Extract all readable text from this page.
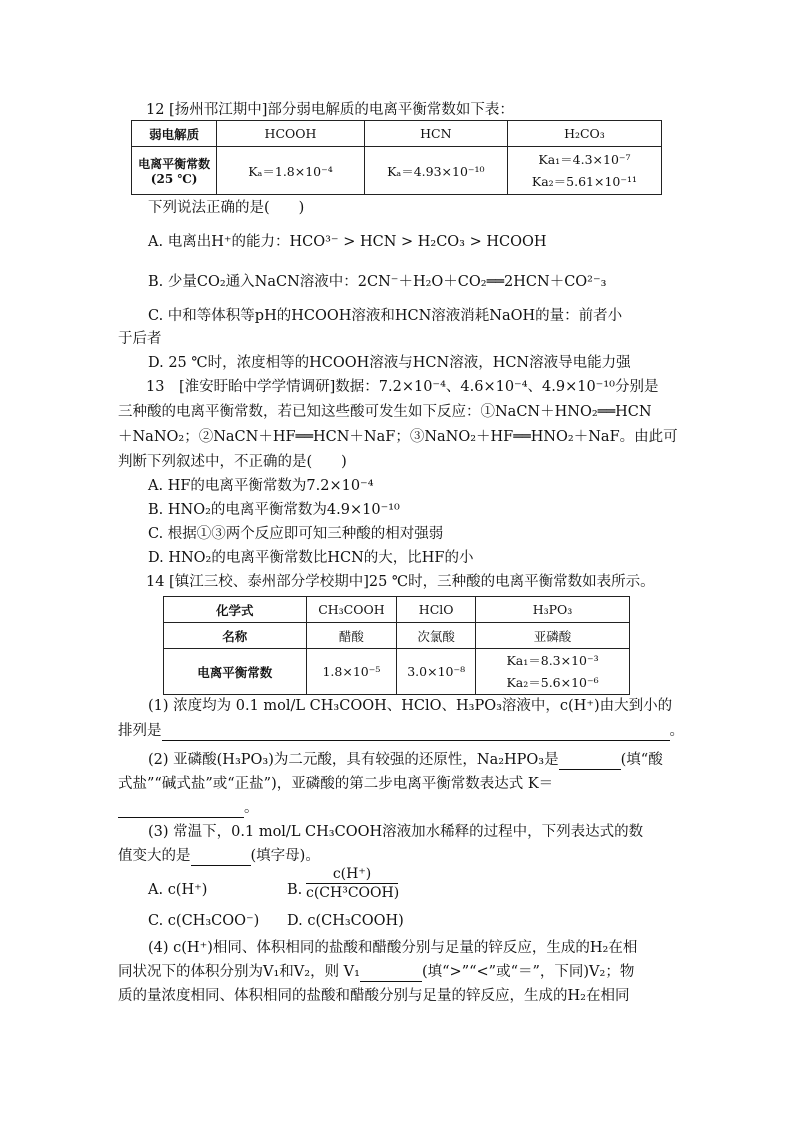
12 [扬州邗江期中]部分弱电解质的电离平衡常数如下表：
弱电解质	HCOOH	HCN	H₂CO₃
电离平衡常数(25 ℃)	Kₐ＝1.8×10⁻⁴	Kₐ＝4.93×10⁻¹⁰	Ka₁＝4.3×10⁻⁷
Ka₂＝5.61×10⁻¹¹
下列说法正确的是(　　)
A. 电离出H⁺的能力：HCO³⁻ > HCN > H₂CO₃ > HCOOH
B. 少量CO₂通入NaCN溶液中：2CN⁻＋H₂O＋CO₂══2HCN＋CO²⁻₃
C. 中和等体积等pH的HCOOH溶液和HCN溶液消耗NaOH的量：前者小
于后者
D. 25 ℃时，浓度相等的HCOOH溶液与HCN溶液，HCN溶液导电能力强
13　[淮安盱眙中学学情调研]数据：7.2×10⁻⁴、4.6×10⁻⁴、4.9×10⁻¹⁰分别是
三种酸的电离平衡常数，若已知这些酸可发生如下反应：①NaCN＋HNO₂══HCN
＋NaNO₂；②NaCN＋HF══HCN＋NaF；③NaNO₂＋HF══HNO₂＋NaF。由此可
判断下列叙述中，不正确的是(　　)
A. HF的电离平衡常数为7.2×10⁻⁴
B. HNO₂的电离平衡常数为4.9×10⁻¹⁰
C. 根据①③两个反应即可知三种酸的相对强弱
D. HNO₂的电离平衡常数比HCN的大，比HF的小
14 [镇江三校、泰州部分学校期中]25 ℃时，三种酸的电离平衡常数如表所示。
化学式	CH₃COOH	HClO	H₃PO₃
名称	醋酸	次氯酸	亚磷酸
电离平衡常数	1.8×10⁻⁵	3.0×10⁻⁸	Ka₁＝8.3×10⁻³
Ka₂＝5.6×10⁻⁶
(1) 浓度均为 0.1 mol/L CH₃COOH、HClO、H₃PO₃溶液中，c(H⁺)由大到小的
排列是	。
(2) 亚磷酸(H₃PO₃)为二元酸，具有较强的还原性，Na₂HPO₃是	(填“酸
式盐”“碱式盐”或“正盐”)，亚磷酸的第二步电离平衡常数表达式 K＝
。
(3) 常温下，0.1 mol/L CH₃COOH溶液加水稀释的过程中，下列表达式的数
值变大的是	(填字母)。
A. c(H⁺)	B.
c(H⁺)
c(CH³COOH)
C. c(CH₃COO⁻)	D. c(CH₃COOH)
(4) c(H⁺)相同、体积相同的盐酸和醋酸分别与足量的锌反应，生成的H₂在相
同状况下的体积分别为V₁和V₂，则 V₁	(填“>”“<”或“＝”，下同)V₂；物
质的量浓度相同、体积相同的盐酸和醋酸分别与足量的锌反应，生成的H₂在相同
